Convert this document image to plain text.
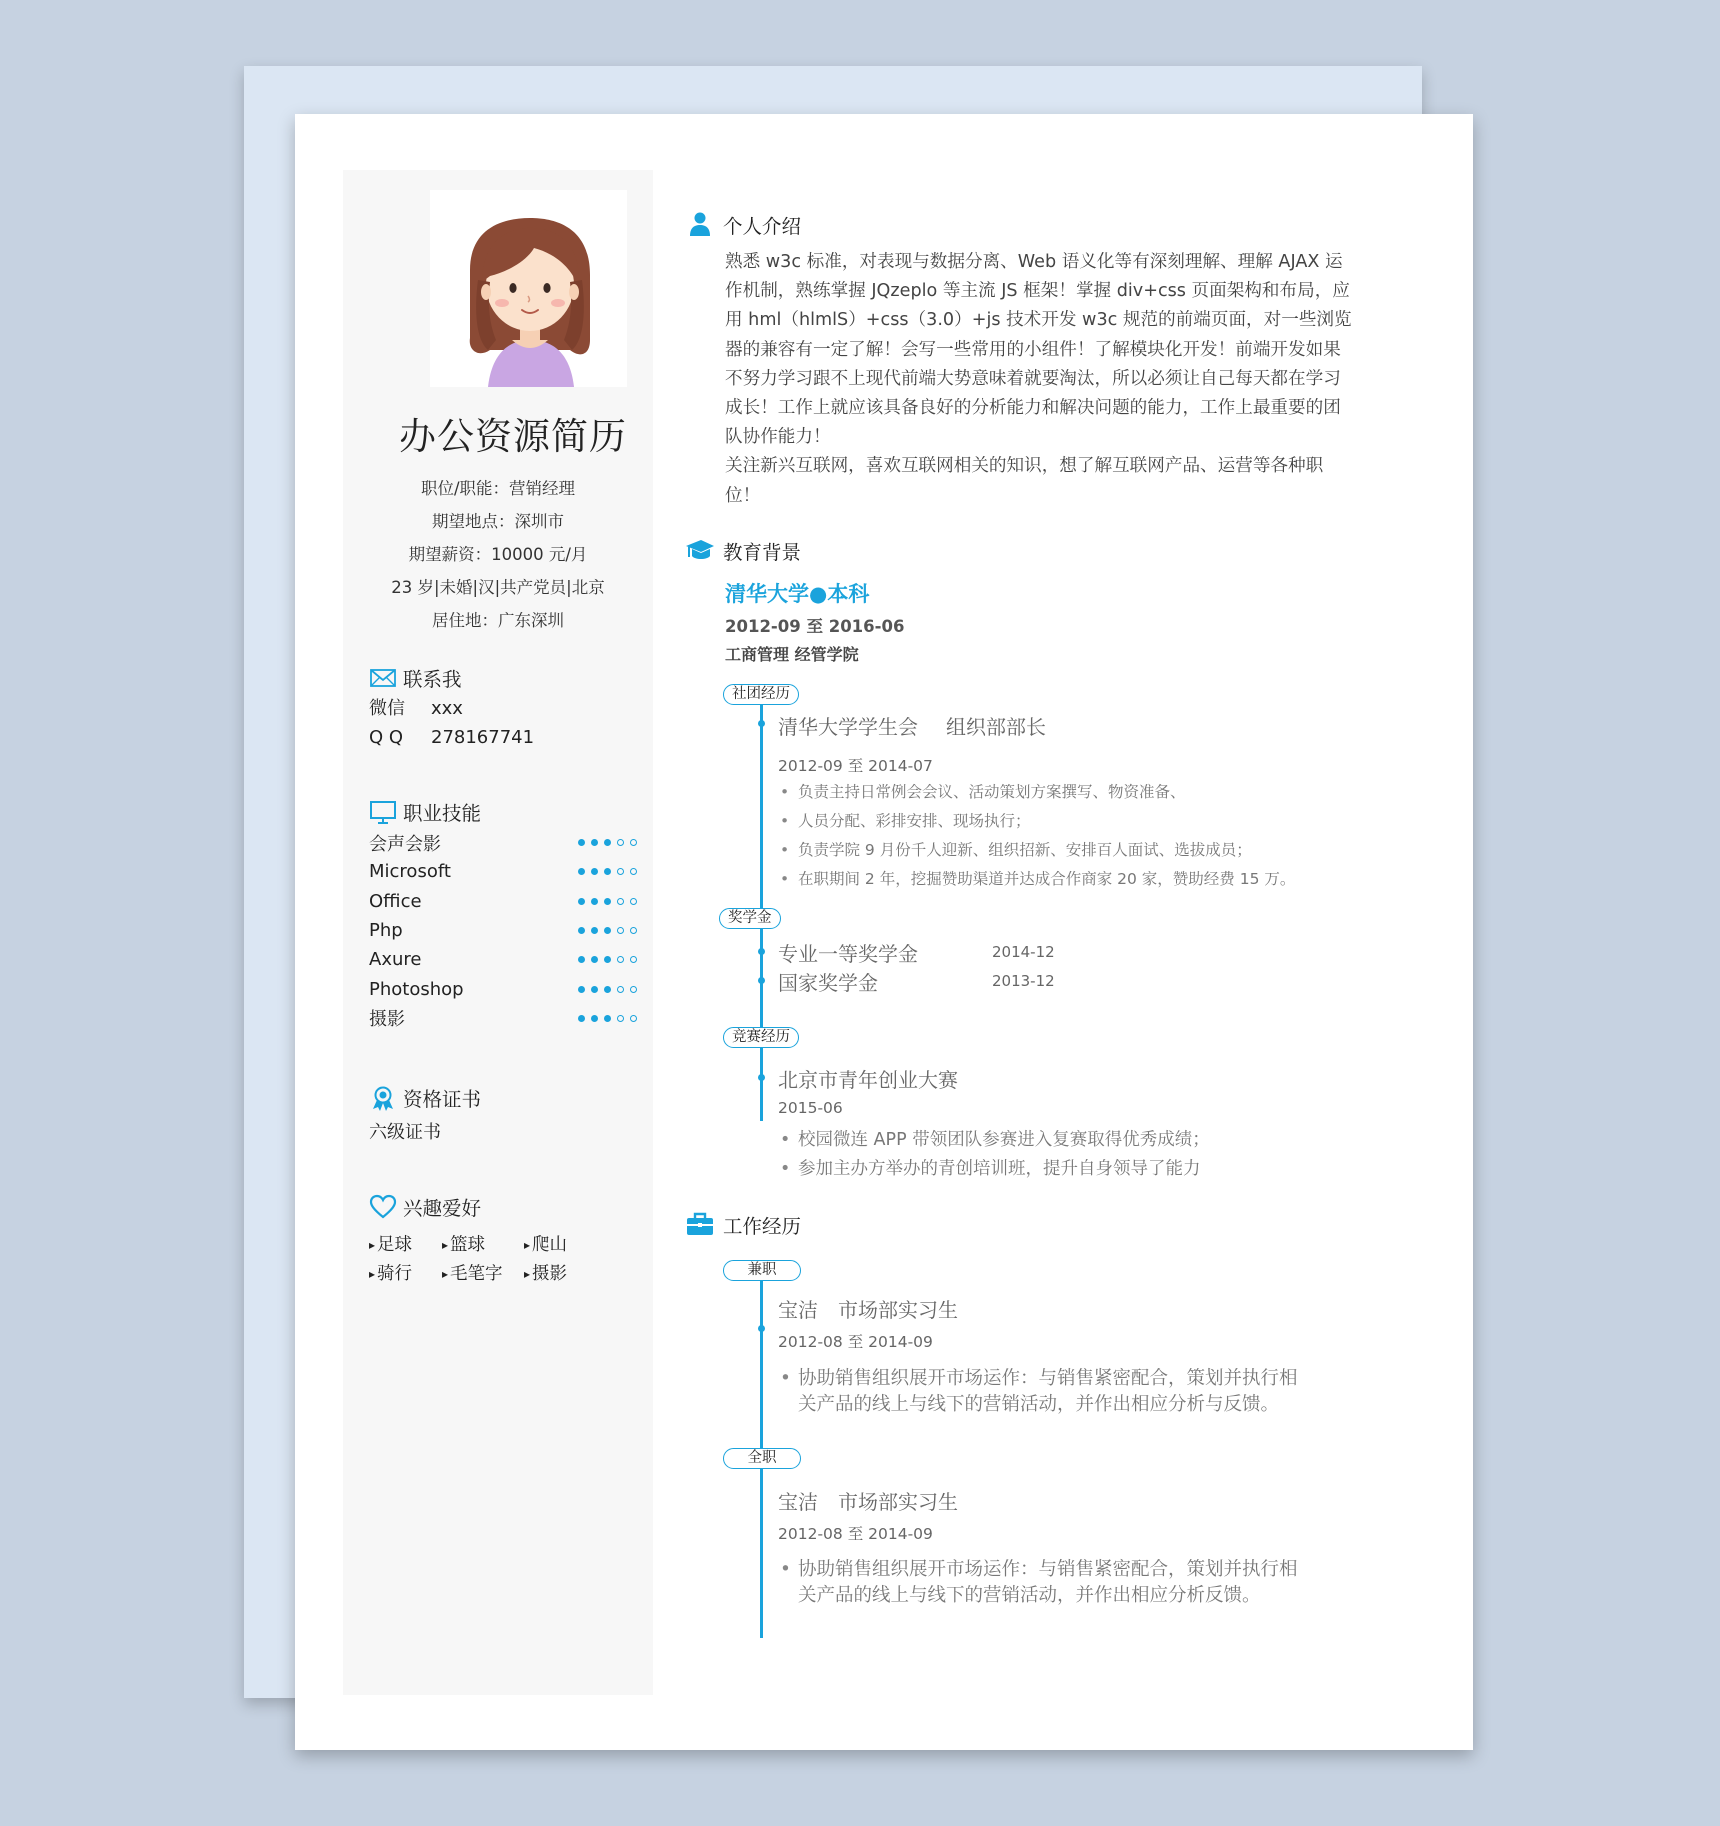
办公资源简历
职位/职能：营销经理
期望地点：深圳市
期望薪资：10000 元/月
23 岁|未婚|汉|共产党员|北京
居住地：广东深圳
联系我
微信	xxx
Q Q	278167741
职业技能
会声会影
Microsoft
Office
Php
Axure
Photoshop
摄影
资格证书
六级证书
兴趣爱好
▸ 足球	▸ 篮球	▸ 爬山
▸ 骑行	▸ 毛笔字	▸ 摄影
个人介绍
熟悉 w3c 标准，对表现与数据分离、Web 语义化等有深刻理解、理解 AJAX 运作机制，熟练掌握 JQzeplo 等主流 JS 框架！掌握 div+css 页面架构和布局，应用 hml（hlmlS）+css（3.0）+js 技术开发 w3c 规范的前端页面，对一些浏览器的兼容有一定了解！会写一些常用的小组件！了解模块化开发！前端开发如果不努力学习跟不上现代前端大势意味着就要淘汰，所以必须让自己每天都在学习成长！工作上就应该具备良好的分析能力和解决问题的能力，工作上最重要的团队协作能力！
关注新兴互联网，喜欢互联网相关的知识，想了解互联网产品、运营等各种职位！
教育背景
清华大学●本科
2012-09 至 2016-06
工商管理 经管学院
社团经历
清华大学学生会 组织部部长
2012-09 至 2014-07
• 负责主持日常例会会议、活动策划方案撰写、物资准备、
• 人员分配、彩排安排、现场执行；
• 负责学院 9 月份千人迎新、组织招新、安排百人面试、选拔成员；
• 在职期间 2 年，挖掘赞助渠道并达成合作商家 20 家，赞助经费 15 万。
奖学金
专业一等奖学金	2014-12
国家奖学金	2013-12
竞赛经历
北京市青年创业大赛
2015-06
• 校园微连 APP 带领团队参赛进入复赛取得优秀成绩；
• 参加主办方举办的青创培训班，提升自身领导了能力
工作经历
兼职
宝洁 市场部实习生
2012-08 至 2014-09
• 协助销售组织展开市场运作：与销售紧密配合，策划并执行相关产品的线上与线下的营销活动，并作出相应分析与反馈。
全职
宝洁 市场部实习生
2012-08 至 2014-09
• 协助销售组织展开市场运作：与销售紧密配合，策划并执行相关产品的线上与线下的营销活动，并作出相应分析反馈。
